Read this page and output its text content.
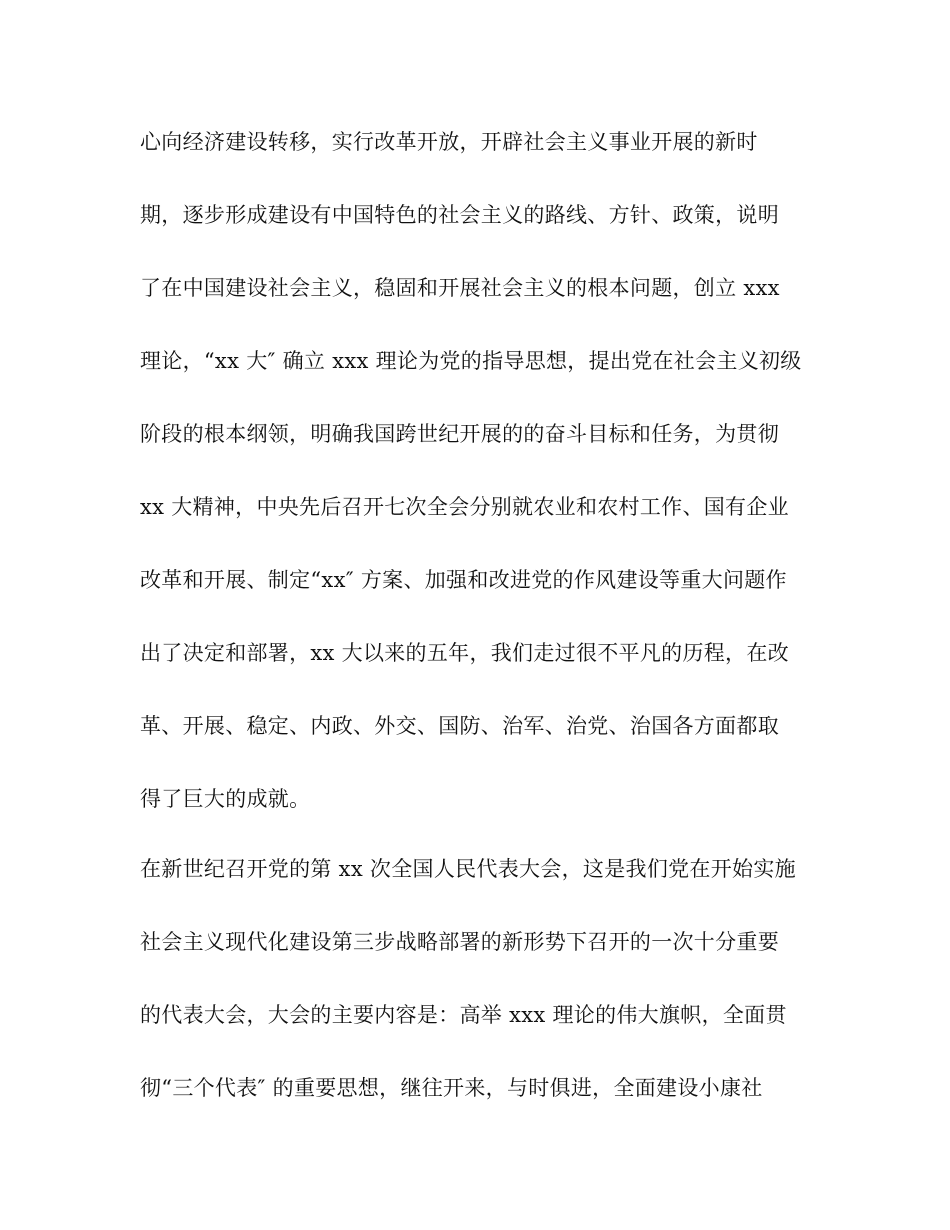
心向经济建设转移，实行改革开放，开辟社会主义事业开展的新时
期，逐步形成建设有中国特色的社会主义的路线、方针、政策，说明
了在中国建设社会主义，稳固和开展社会主义的根本问题，创立 xxx
理论，“xx 大″ 确立 xxx 理论为党的指导思想，提出党在社会主义初级
阶段的根本纲领，明确我国跨世纪开展的的奋斗目标和任务，为贯彻
xx 大精神，中央先后召开七次全会分别就农业和农村工作、国有企业
改革和开展、制定“xx″ 方案、加强和改进党的作风建设等重大问题作
出了决定和部署，xx 大以来的五年，我们走过很不平凡的历程，在改
革、开展、稳定、内政、外交、国防、治军、治党、治国各方面都取
得了巨大的成就。
在新世纪召开党的第 xx 次全国人民代表大会，这是我们党在开始实施
社会主义现代化建设第三步战略部署的新形势下召开的一次十分重要
的代表大会，大会的主要内容是：高举 xxx 理论的伟大旗帜，全面贯
彻“三个代表″ 的重要思想，继往开来，与时俱进，全面建设小康社
